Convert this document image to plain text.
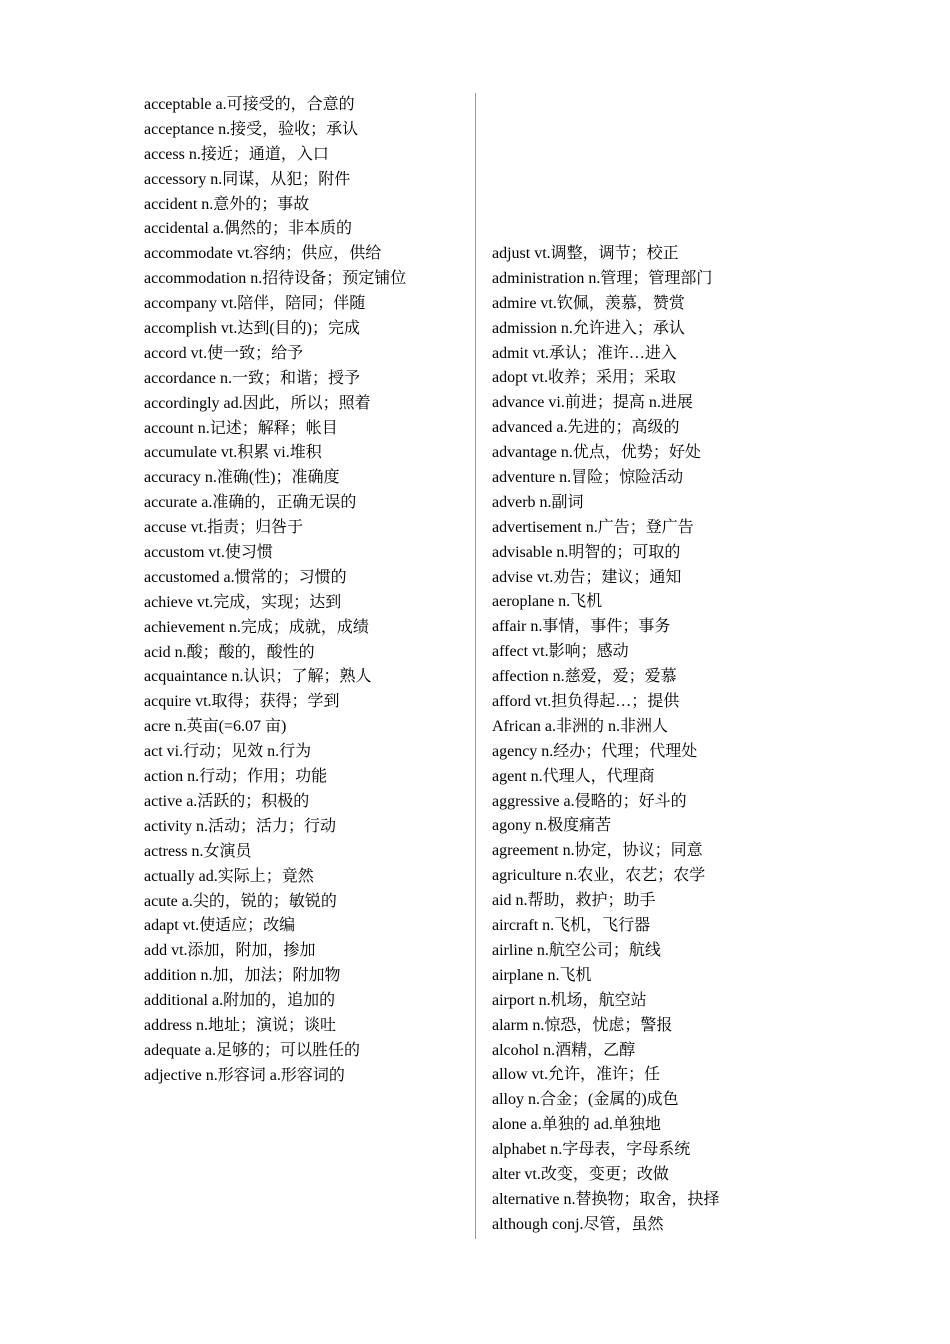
acceptable a.可接受的，合意的
acceptance n.接受，验收；承认
access n.接近；通道，入口
accessory n.同谋，从犯；附件
accident n.意外的；事故
accidental a.偶然的；非本质的
accommodate vt.容纳；供应，供给
accommodation n.招待设备；预定铺位
accompany vt.陪伴，陪同；伴随
accomplish vt.达到(目的)；完成
accord vt.使一致；给予
accordance n.一致；和谐；授予
accordingly ad.因此，所以；照着
account n.记述；解释；帐目
accumulate vt.积累 vi.堆积
accuracy n.准确(性)；准确度
accurate a.准确的，正确无误的
accuse vt.指责；归咎于
accustom vt.使习惯
accustomed a.惯常的；习惯的
achieve vt.完成，实现；达到
achievement n.完成；成就，成绩
acid n.酸；酸的，酸性的
acquaintance n.认识；了解；熟人
acquire vt.取得；获得；学到
acre n.英亩(=6.07 亩)
act vi.行动；见效 n.行为
action n.行动；作用；功能
active a.活跃的；积极的
activity n.活动；活力；行动
actress n.女演员
actually ad.实际上；竟然
acute a.尖的，锐的；敏锐的
adapt vt.使适应；改编
add vt.添加，附加，掺加
addition n.加，加法；附加物
additional a.附加的，追加的
address n.地址；演说；谈吐
adequate a.足够的；可以胜任的
adjective n.形容词 a.形容词的
adjust vt.调整，调节；校正
administration n.管理；管理部门
admire vt.钦佩，羡慕，赞赏
admission n.允许进入；承认
admit vt.承认；准许…进入
adopt vt.收养；采用；采取
advance vi.前进；提高 n.进展
advanced a.先进的；高级的
advantage n.优点，优势；好处
adventure n.冒险；惊险活动
adverb n.副词
advertisement n.广告；登广告
advisable n.明智的；可取的
advise vt.劝告；建议；通知
aeroplane n.飞机
affair n.事情，事件；事务
affect vt.影响；感动
affection n.慈爱，爱；爱慕
afford vt.担负得起…；提供
African a.非洲的 n.非洲人
agency n.经办；代理；代理处
agent n.代理人，代理商
aggressive a.侵略的；好斗的
agony n.极度痛苦
agreement n.协定，协议；同意
agriculture n.农业，农艺；农学
aid n.帮助，救护；助手
aircraft n.飞机，飞行器
airline n.航空公司；航线
airplane n.飞机
airport n.机场，航空站
alarm n.惊恐，忧虑；警报
alcohol n.酒精，乙醇
allow vt.允许，准许；任
alloy n.合金；(金属的)成色
alone a.单独的 ad.单独地
alphabet n.字母表，字母系统
alter vt.改变，变更；改做
alternative n.替换物；取舍，抉择
although conj.尽管，虽然
